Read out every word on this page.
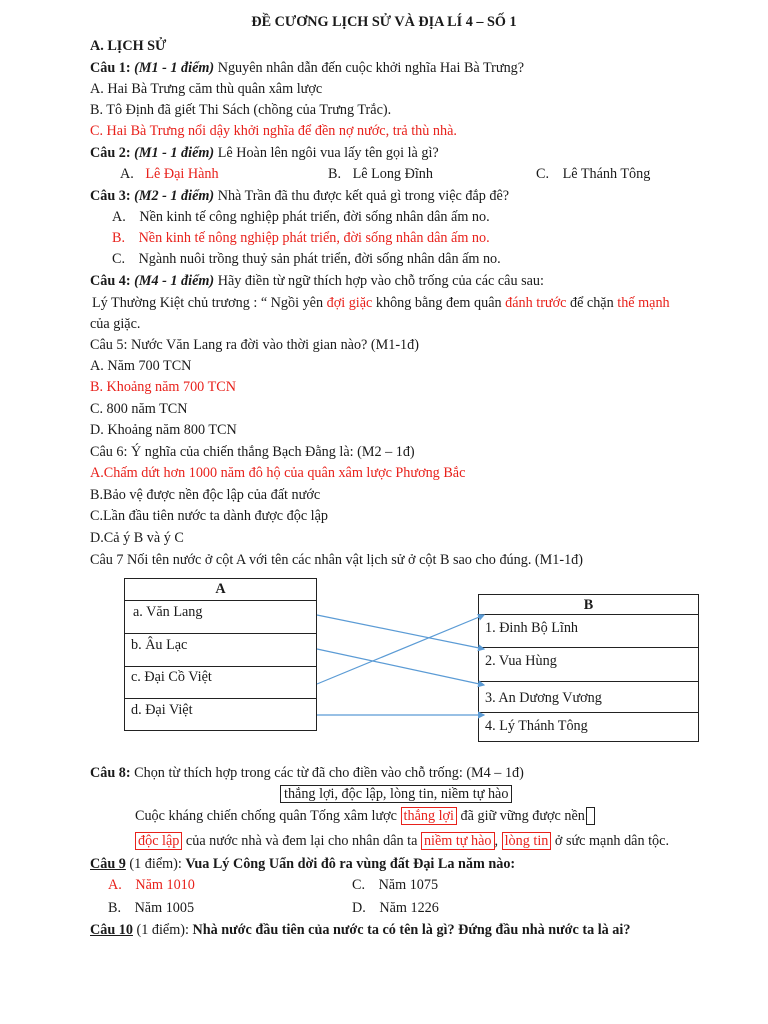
ĐỀ CƯƠNG LỊCH SỬ VÀ ĐỊA LÍ 4 – SỐ 1
A. LỊCH SỬ
Câu 1: (M1 - 1 điểm) Nguyên nhân dẫn đến cuộc khởi nghĩa Hai Bà Trưng?
A. Hai Bà Trưng căm thù quân xâm lược
B. Tô Định đã giết Thi Sách (chồng của Trưng Trắc).
C. Hai Bà Trưng nổi dậy khởi nghĩa để đền nợ nước, trả thù nhà.
Câu 2: (M1 - 1 điểm) Lê Hoàn lên ngôi vua lấy tên gọi là gì?
A. Lê Đại Hành	B. Lê Long Đĩnh	C. Lê Thánh Tông
Câu 3: (M2 - 1 điểm) Nhà Trần đã thu được kết quả gì trong việc đắp đê?
A. Nền kinh tế công nghiệp phát triển, đời sống nhân dân ấm no.
B. Nền kinh tế nông nghiệp phát triển, đời sống nhân dân ấm no.
C. Ngành nuôi trồng thuỷ sản phát triển, đời sống nhân dân ấm no.
Câu 4: (M4 - 1 điểm) Hãy điền từ ngữ thích hợp vào chỗ trống của các câu sau:
Lý Thường Kiệt chủ trương : “ Ngồi yên đợi giặc không bằng đem quân đánh trước để chặn thế mạnh
của giặc.
Câu 5: Nước Văn Lang ra đời vào thời gian nào? (M1-1đ)
A. Năm 700 TCN
B. Khoảng năm 700 TCN
C. 800 năm TCN
D. Khoảng năm 800 TCN
Câu 6: Ý nghĩa của chiến thắng Bạch Đằng là: (M2 – 1đ)
A.Chấm dứt hơn 1000 năm đô hộ của quân xâm lược Phương Bắc
B.Bảo vệ được nền độc lập của đất nước
C.Lần đầu tiên nước ta dành được độc lập
D.Cả ý B và ý C
Câu 7 Nối tên nước ở cột A với tên các nhân vật lịch sử ở cột B sao cho đúng. (M1-1đ)
A
a. Văn Lang
b. Âu Lạc
c. Đại Cồ Việt
d. Đại Việt
B
1. Đinh Bộ Lĩnh
2. Vua Hùng
3. An Dương Vương
4. Lý Thánh Tông
Câu 8: Chọn từ thích hợp trong các từ đã cho điền vào chỗ trống: (M4 – 1đ)
thắng lợi, độc lập, lòng tin, niềm tự hào
Cuộc kháng chiến chống quân Tống xâm lược thắng lợi đã giữ vững được nền
độc lập của nước nhà và đem lại cho nhân dân ta niềm tự hào , lòng tin ở sức mạnh dân tộc.
Câu 9 (1 điểm): Vua Lý Công Uẩn dời đô ra vùng đất Đại La năm nào:
A. Năm 1010	C. Năm 1075
B. Năm 1005	D. Năm 1226
Câu 10 (1 điểm): Nhà nước đầu tiên của nước ta có tên là gì? Đứng đầu nhà nước ta là ai?
